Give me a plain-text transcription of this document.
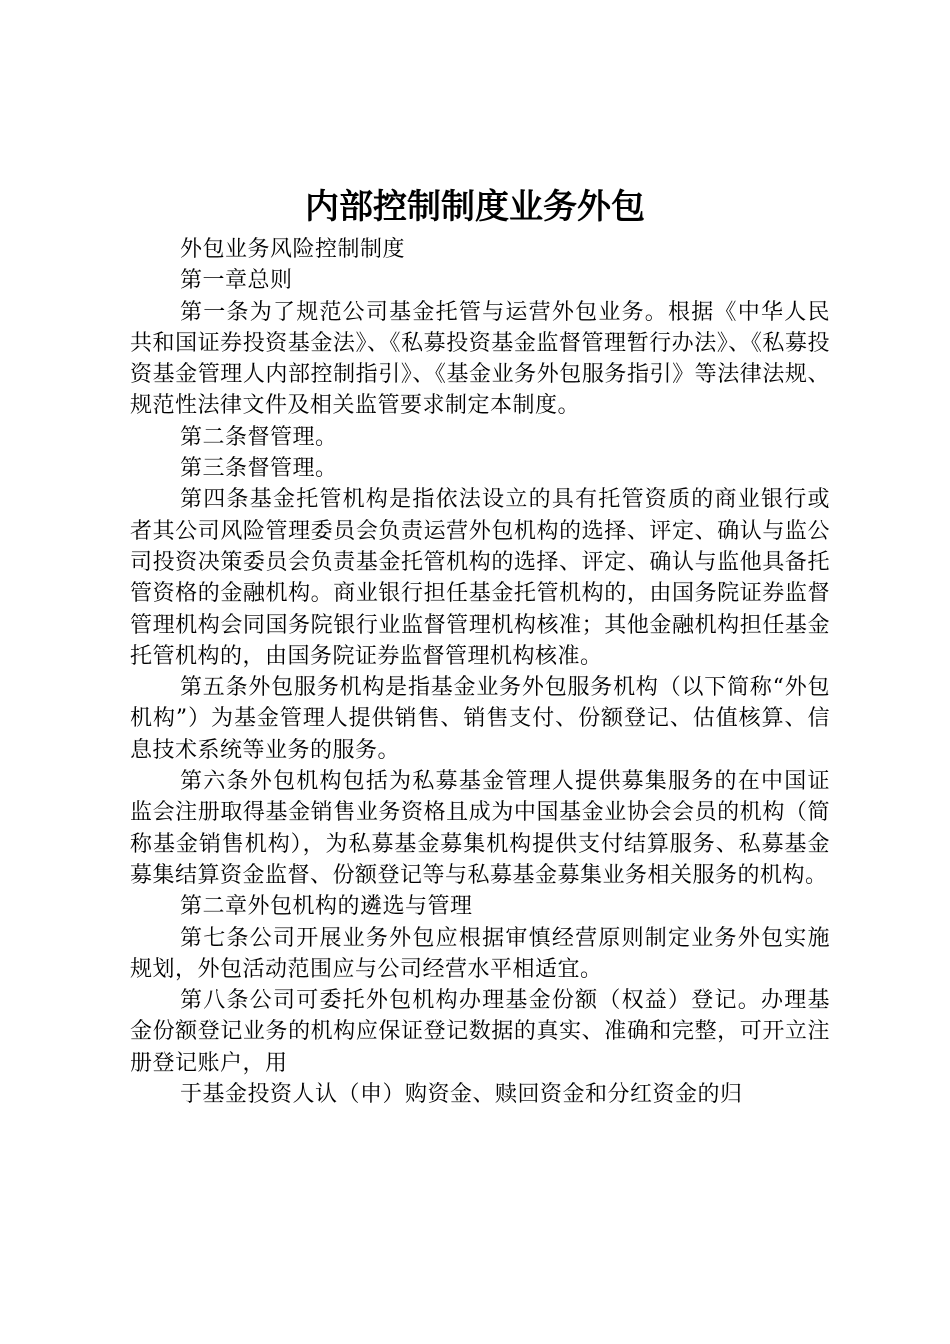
内部控制制度业务外包

外包业务风险控制制度

第一章总则

第一条为了规范公司基金托管与运营外包业务。根据《中华人民共和国证券投资基金法》、《私募投资基金监督管理暂行办法》、《私募投资基金管理人内部控制指引》、《基金业务外包服务指引》等法律法规、规范性法律文件及相关监管要求制定本制度。

第二条督管理。

第三条督管理。

第四条基金托管机构是指依法设立的具有托管资质的商业银行或者其公司风险管理委员会负责运营外包机构的选择、评定、确认与监公司投资决策委员会负责基金托管机构的选择、评定、确认与监他具备托管资格的金融机构。商业银行担任基金托管机构的，由国务院证券监督管理机构会同国务院银行业监督管理机构核准；其他金融机构担任基金托管机构的，由国务院证券监督管理机构核准。

第五条外包服务机构是指基金业务外包服务机构（以下简称“外包机构”）为基金管理人提供销售、销售支付、份额登记、估值核算、信息技术系统等业务的服务。

第六条外包机构包括为私募基金管理人提供募集服务的在中国证监会注册取得基金销售业务资格且成为中国基金业协会会员的机构（简称基金销售机构），为私募基金募集机构提供支付结算服务、私募基金募集结算资金监督、份额登记等与私募基金募集业务相关服务的机构。

第二章外包机构的遴选与管理

第七条公司开展业务外包应根据审慎经营原则制定业务外包实施规划，外包活动范围应与公司经营水平相适宜。

第八条公司可委托外包机构办理基金份额（权益）登记。办理基金份额登记业务的机构应保证登记数据的真实、准确和完整，可开立注册登记账户，用

于基金投资人认（申）购资金、赎回资金和分红资金的归
